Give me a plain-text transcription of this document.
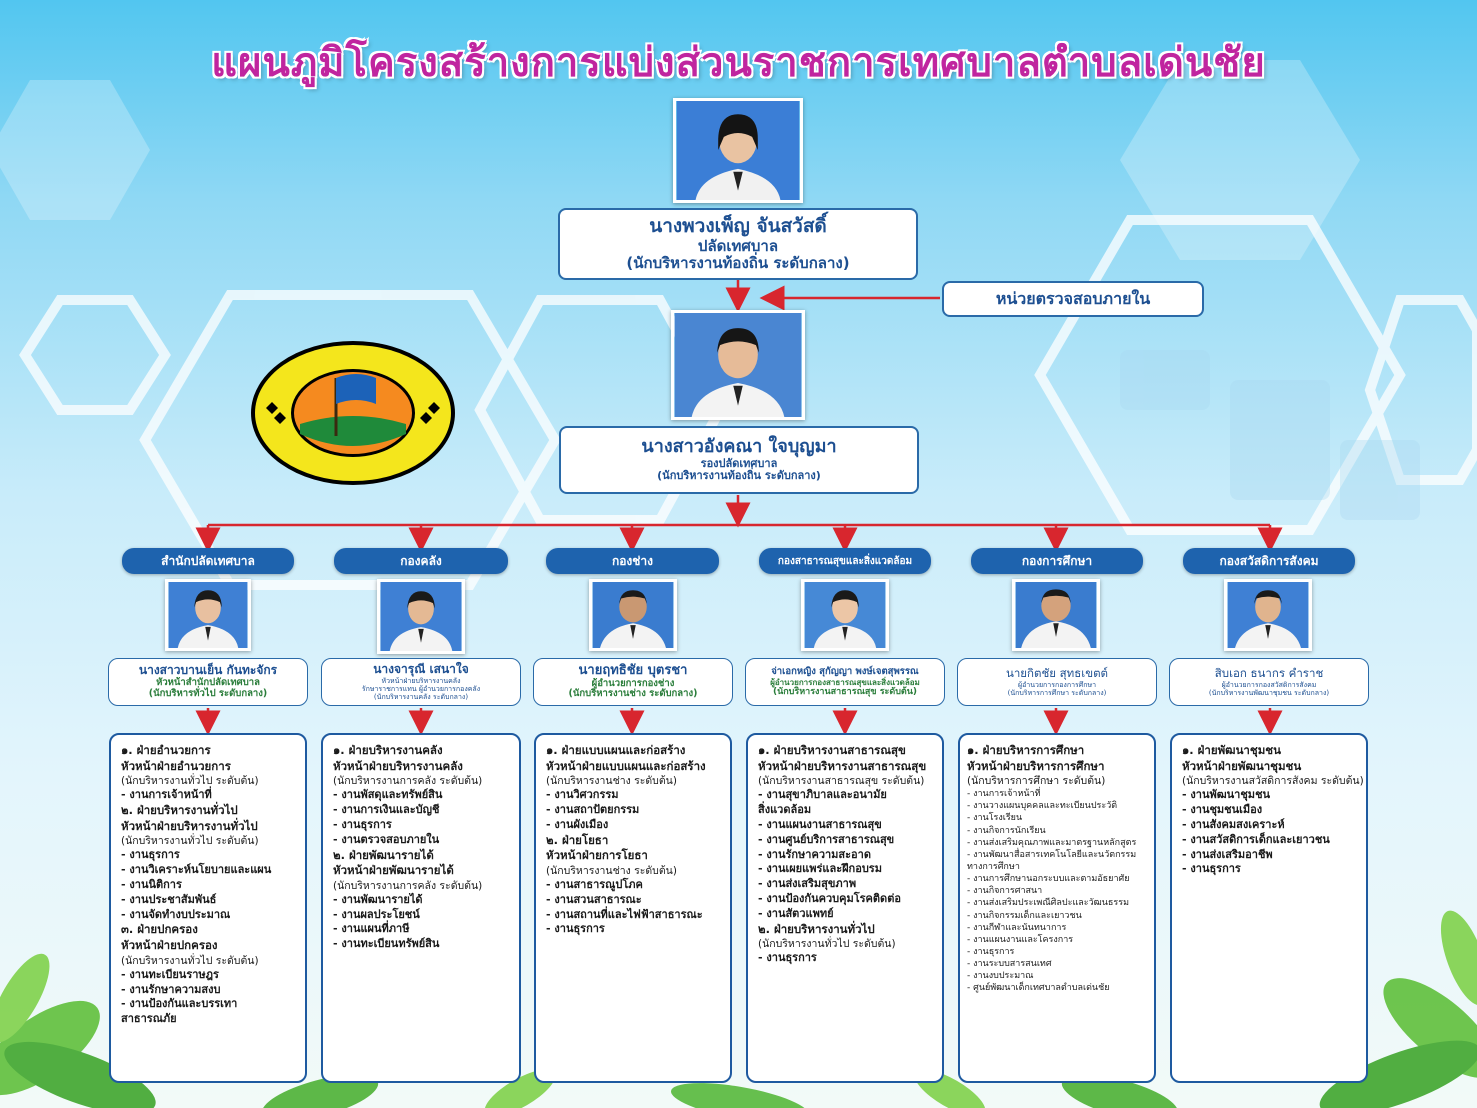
แผนภูมิโครงสร้างการแบ่งส่วนราชการเทศบาลตำบลเด่นชัย
นางพวงเพ็ญ จันสวัสดิ์
ปลัดเทศบาล
(นักบริหารงานท้องถิ่น ระดับกลาง)
หน่วยตรวจสอบภายใน
นางสาวอังคณา ใจบุญมา
รองปลัดเทศบาล
(นักบริหารงานท้องถิ่น ระดับกลาง)
สำนักปลัดเทศบาล
นางสาวบานเย็น กันทะจักร
หัวหน้าสำนักปลัดเทศบาล
(นักบริหารทั่วไป ระดับกลาง)
๑. ฝ่ายอำนวยการ
หัวหน้าฝ่ายอำนวยการ
(นักบริหารงานทั่วไป ระดับต้น)
- งานการเจ้าหน้าที่
๒. ฝ่ายบริหารงานทั่วไป
หัวหน้าฝ่ายบริหารงานทั่วไป
(นักบริหารงานทั่วไป ระดับต้น)
- งานธุรการ
- งานวิเคราะห์นโยบายและแผน
- งานนิติการ
- งานประชาสัมพันธ์
- งานจัดทำงบประมาณ
๓. ฝ่ายปกครอง
หัวหน้าฝ่ายปกครอง
(นักบริหารงานทั่วไป ระดับต้น)
- งานทะเบียนราษฎร
- งานรักษาความสงบ
- งานป้องกันและบรรเทา
สาธารณภัย
กองคลัง
นางจารุณี เสนาใจ
หัวหน้าฝ่ายบริหารงานคลัง
รักษาราชการแทน ผู้อำนวยการกองคลัง
(นักบริหารงานคลัง ระดับกลาง)
๑. ฝ่ายบริหารงานคลัง
หัวหน้าฝ่ายบริหารงานคลัง
(นักบริหารงานการคลัง ระดับต้น)
- งานพัสดุและทรัพย์สิน
- งานการเงินและบัญชี
- งานธุรการ
- งานตรวจสอบภายใน
๒. ฝ่ายพัฒนารายได้
หัวหน้าฝ่ายพัฒนารายได้
(นักบริหารงานการคลัง ระดับต้น)
- งานพัฒนารายได้
- งานผลประโยชน์
- งานแผนที่ภาษี
- งานทะเบียนทรัพย์สิน
กองช่าง
นายฤทธิชัย บุตรชา
ผู้อำนวยการกองช่าง
(นักบริหารงานช่าง ระดับกลาง)
๑. ฝ่ายแบบแผนและก่อสร้าง
หัวหน้าฝ่ายแบบแผนและก่อสร้าง
(นักบริหารงานช่าง ระดับต้น)
- งานวิศวกรรม
- งานสถาปัตยกรรม
- งานผังเมือง
๒. ฝ่ายโยธา
หัวหน้าฝ่ายการโยธา
(นักบริหารงานช่าง ระดับต้น)
- งานสาธารณูปโภค
- งานสวนสาธารณะ
- งานสถานที่และไฟฟ้าสาธารณะ
- งานธุรการ
กองสาธารณสุขและสิ่งแวดล้อม
จ่าเอกหญิง สุกัญญา พงษ์เจตสุพรรณ
ผู้อำนวยการกองสาธารณสุขและสิ่งแวดล้อม
(นักบริหารงานสาธารณสุข ระดับต้น)
๑. ฝ่ายบริหารงานสาธารณสุข
หัวหน้าฝ่ายบริหารงานสาธารณสุข
(นักบริหารงานสาธารณสุข ระดับต้น)
- งานสุขาภิบาลและอนามัย
สิ่งแวดล้อม
- งานแผนงานสาธารณสุข
- งานศูนย์บริการสาธารณสุข
- งานรักษาความสะอาด
- งานเผยแพร่และฝึกอบรม
- งานส่งเสริมสุขภาพ
- งานป้องกันควบคุมโรคติดต่อ
- งานสัตวแพทย์
๒. ฝ่ายบริหารงานทั่วไป
(นักบริหารงานทั่วไป ระดับต้น)
- งานธุรการ
กองการศึกษา
นายกิตชัย สุทธเขตต์
ผู้อำนวยการกองการศึกษา
(นักบริหารการศึกษา ระดับกลาง)
๑. ฝ่ายบริหารการศึกษา
หัวหน้าฝ่ายบริหารการศึกษา
(นักบริหารการศึกษา ระดับต้น)
- งานการเจ้าหน้าที่
- งานวางแผนบุคคลและทะเบียนประวัติ
- งานโรงเรียน
- งานกิจการนักเรียน
- งานส่งเสริมคุณภาพและมาตรฐานหลักสูตร
- งานพัฒนาสื่อสารเทคโนโลยีและนวัตกรรม
ทางการศึกษา
- งานการศึกษานอกระบบและตามอัธยาศัย
- งานกิจการศาสนา
- งานส่งเสริมประเพณีศิลปะและวัฒนธรรม
- งานกิจกรรมเด็กและเยาวชน
- งานกีฬาและนันทนาการ
- งานแผนงานและโครงการ
- งานธุรการ
- งานระบบสารสนเทศ
- งานงบประมาณ
- ศูนย์พัฒนาเด็กเทศบาลตำบลเด่นชัย
กองสวัสดิการสังคม
สิบเอก ธนากร คำราช
ผู้อำนวยการกองสวัสดิการสังคม
(นักบริหารงานพัฒนาชุมชน ระดับกลาง)
๑. ฝ่ายพัฒนาชุมชน
หัวหน้าฝ่ายพัฒนาชุมชน
(นักบริหารงานสวัสดิการสังคม ระดับต้น)
- งานพัฒนาชุมชน
- งานชุมชนเมือง
- งานสังคมสงเคราะห์
- งานสวัสดิการเด็กและเยาวชน
- งานส่งเสริมอาชีพ
- งานธุรการ
